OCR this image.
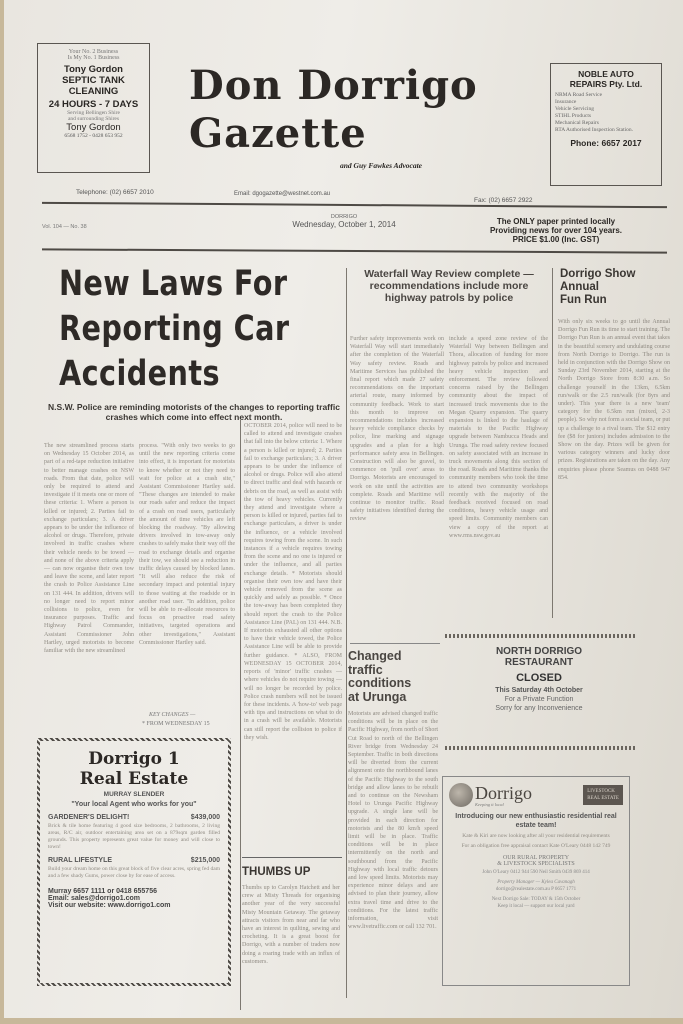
Your No. 2 Business
Is My No. 1 Business
Tony Gordon
SEPTIC TANK
CLEANING
24 HOURS - 7 DAYS
Serving Bellingen Shire
and surrounding Shires
Tony Gordon
6568 1752 - 0428 653 952
Don Dorrigo
Gazette
and Guy Fawkes Advocate
NOBLE AUTO
REPAIRS Pty. Ltd.
NRMA Road Service
Insurance
Vehicle Servicing
STIHL Products
Mechanical Repairs
RTA Authorised Inspection Station.
Phone: 6657 2017
Telephone: (02) 6657 2010	Email: dgogazette@westnet.com.au
Fax: (02) 6657 2922
Vol. 104 — No. 38
DORRIGO
Wednesday, October 1, 2014	The ONLY paper printed locally
Providing news for over 104 years.
PRICE $1.00 (Inc. GST)
New Laws For
Reporting Car
Accidents
N.S.W. Police are reminding motorists of the changes to reporting traffic crashes which come into effect next month.
The new streamlined process starts on Wednesday 15 October 2014, as part of a red-tape reduction initiative to better manage crashes on NSW roads. From that date, police will only be required to attend and investigate if it meets one or more of these criteria: 1. Where a person is killed or injured; 2. Parties fail to exchange particulars; 3. A driver appears to be under the influence of alcohol or drugs. Therefore, private involved in traffic crashes where their vehicle needs to be towed — and none of the above criteria apply — can now organise their own tow and leave the scene, and later report the crash to Police Assistance Line on 131 444. In addition, drivers will no longer need to report minor collisions to police, even for insurance purposes. Traffic and Highway Patrol Commander, Assistant Commissioner John Hartley, urged motorists to become familiar with the new streamlined
process. "With only two weeks to go until the new reporting criteria come into effect, it is important for motorists to know whether or not they need to wait for police at a crash site," Assistant Commissioner Hartley said. "These changes are intended to make our roads safer and reduce the impact of a crash on road users, particularly the amount of time vehicles are left blocking the roadway. "By allowing drivers involved in tow-away only crashes to safely make their way off the road to exchange details and organise their tow, we should see a reduction in traffic delays caused by blocked lanes. "It will also reduce the risk of secondary impact and potential injury to those waiting at the roadside or in another road user. "In addition, police will be able to re-allocate resources to focus on proactive road safety initiatives, targeted operations and other investigations," Assistant Commissioner Hartley said.
KEY CHANGES —
* FROM WEDNESDAY 15
OCTOBER 2014, police will need to be called to attend and investigate crashes that fall into the below criteria: 1. Where a person is killed or injured; 2. Parties fail to exchange particulars; 3. A driver appears to be under the influence of alcohol or drugs. Police will also attend to direct traffic and deal with hazards or debris on the road, as well as assist with the tow of heavy vehicles. Currently they attend and investigate where a person is killed or injured, parties fail to exchange particulars, a driver is under the influence, or a vehicle involved requires towing from the scene. In such instances if a vehicle requires towing from the scene and no one is injured or under the influence, and all parties exchange details. * Motorists should organise their own tow and have their vehicle removed from the scene as quickly and safely as possible. * Once the tow-away has been completed they should report the crash to the Police Assistance Line (PAL) on 131 444. N.B. If motorists exhausted all other options to have their vehicle towed, the Police Assistance Line will be able to provide further guidance. * ALSO, FROM WEDNESDAY 15 OCTOBER 2014, reports of 'minor' traffic crashes — where vehicles do not require towing — will no longer be recorded by police. Police crash numbers will not be issued for these incidents. A 'how-to' web page with tips and instructions on what to do in a crash will be available. Motorists can still report the collision to police if they wish.
Waterfall Way Review complete — recommendations include more highway patrols by police
Further safety improvements work on Waterfall Way will start immediately after the completion of the Waterfall Way safety review. Roads and Maritime Services has published the final report which made 27 safety recommendations on the important arterial route, many informed by community feedback. Work to start this month to improve on recommendations includes increased heavy vehicle compliance checks by police, line marking and signage upgrades and a plan for a high performance safety area in Bellingen. Construction will also be gravel, to commence on 'pull over' areas to Dorrigo. Motorists are encouraged to work on site until the activities are complete. Roads and Maritime will continue to monitor traffic. Road safety initiatives identified during the review
include a speed zone review of the Waterfall Way between Bellingen and Thora, allocation of funding for more highway patrols by police and increased heavy vehicle inspection and enforcement. The review followed concerns raised by the Bellingen community about the impact of increased truck movements due to the Megan Quarry expansion. The quarry expansion is linked to the haulage of materials to the Pacific Highway upgrade between Nambucca Heads and Urunga. The road safety review focused on safety associated with an increase in truck movements along this section of the road. Roads and Maritime thanks the community members who took the time to attend two community workshops recently with the majority of the feedback received focused on road conditions, heavy vehicle usage and speed limits. Community members can view a copy of the report at www.rms.nsw.gov.au
Dorrigo Show
Annual
Fun Run
With only six weeks to go until the Annual Dorrigo Fun Run its time to start training. The Dorrigo Fun Run is an annual event that takes in the beautiful scenery and undulating course from North Dorrigo to Dorrigo. The run is held in conjunction with the Dorrigo Show on Sunday 23rd November 2014, starting at the North Dorrigo Store from 8:30 a.m. So challenge yourself in the 13km, 6.5km run/walk or the 2.5 run/walk (for 8yrs and under). This year there is a new 'team' category for the 6.5km run (mixed, 2-3 people). So why not form a social team, or put up a challenge to a rival team. The $12 entry fee ($8 for juniors) includes admission to the Show on the day. Prizes will be given for various category winners and lucky door prizes. Registrations are taken on the day. Any enquiries please phone Seamus on 0488 947 854.
Changed
traffic
conditions
at Urunga
Motorists are advised changed traffic conditions will be in place on the Pacific Highway, from north of Short Cut Road to north of the Bellingen River bridge from Wednesday 24 September. Traffic in both directions will be diverted from the current alignment onto the northbound lanes of the Pacific Highway to the south bridge and allow lanes to be rebuilt and to continue on the Newsham Hotel to Urunga Pacific Highway upgrade. A single lane will be provided in each direction for motorists and the 80 km/h speed limit will be in place. Traffic conditions will be in place intermittently on the north and southbound from the Pacific Highway with local traffic detours and low speed limits. Motorists may experience minor delays and are advised to plan their journey, allow extra travel time and drive to the conditions. For the latest traffic information, visit www.livetraffic.com or call 132 701.
THUMBS UP
Thumbs up to Carolyn Hatchett and her crew at Misty Threads for organising another year of the very successful Misty Mountain Getaway. The getaway attracts visitors from near and far who have an interest in quilting, sewing and crocheting. It is a great boost for Dorrigo, with a number of traders now doing a roaring trade with an influx of customers.
Dorrigo 1
Real Estate
MURRAY SLENDER
"Your local Agent who works for you"
GARDENER'S DELIGHT!	$439,000
Brick & tile home featuring 4 good size bedrooms, 2 bathrooms, 2 living areas, R/C air, outdoor entertaining area set on a 879sqm garden filled grounds. This property represents great value for money and will close to town!
RURAL LIFESTYLE	$215,000
Build your dream home on this great block of five clear acres, spring fed dam and a few shady Gums, power close by for ease of access.
Murray 6657 1111 or 0418 655756
Email: sales@dorrigo1.com
Visit our website: www.dorrigo1.com
NORTH DORRIGO
RESTAURANT
CLOSED
This Saturday 4th October
For a Private Function
Sorry for any Inconvenience
Dorrigo
Keeping it local
LIVESTOCK
REAL ESTATE
Introducing our new enthusiastic residential real estate team!
Kate & Kiri are now looking after all your residential requirements
For an obligation free appraisal contact Kate O'Leary 0448 142 749
OUR RURAL PROPERTY
& LIVESTOCK SPECIALISTS
John O'Leary 0412 944 590 Neil Smith 0439 869 414
Property Manager — Kylea Cavanagh
dorrigo@realestate.com.au P 6657 1771
Next Dorrigo Sale: TODAY & 15th October
Keep it local — support our local yard
